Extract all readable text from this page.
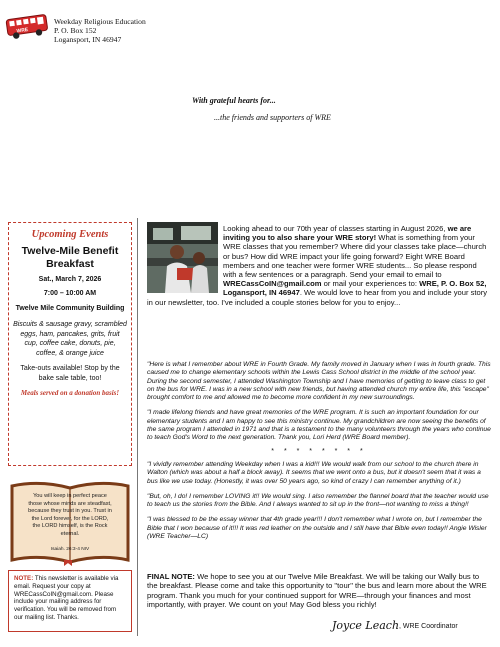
WRE
Weekday Religious Education
P. O. Box 152
Logansport, IN 46947
With grateful hearts for...
...the friends and supporters of WRE
Upcoming Events
Twelve-Mile Benefit Breakfast
Sat., March 7, 2026
7:00 – 10:00 AM
Twelve Mile Community Building
Biscuits & sausage gravy, scrambled eggs, ham, pancakes, grits, fruit cup, coffee cake, donuts, pie, coffee, & orange juice
Take-outs available! Stop by the bake sale table, too!
Meals served on a donation basis!
You will keep in perfect peace those whose minds are steadfast, because they trust in you. Trust in the Lord forever, for the LORD, the LORD himself, is the Rock eternal.
Isaiah. 26:3-4 NIV
NOTE: This newsletter is available via email. Request your copy at WRECassCoIN@gmail.com. Please include your mailing address for verification. You will be removed from our mailing list. Thanks.
Looking ahead to our 70th year of classes starting in August 2026, we are inviting you to also share your WRE story! What is something from your WRE classes that you remember? Where did your classes take place—church or bus? How did WRE impact your life going forward? Eight WRE Board members and one teacher were former WRE students... So please respond with a few sentences or a paragraph. Send your email to email to WRECassCoIN@gmail.com or mail your experiences to: WRE, P. O. Box 52, Logansport, IN 46947. We would love to hear from you and include your story in our newsletter, too. I've included a couple stories below for you to enjoy...

"Here is what I remember about WRE in Fourth Grade. My family moved in January when I was in fourth grade. This caused me to change elementary schools within the Lewis Cass School district in the middle of the school year. During the second semester, I attended Washington Township and I have memories of getting to leave class to get on the bus for WRE. I was in a new school with new friends, but having attended church my entire life, this "escape" brought comfort to me and allowed me to become more confident in my new surroundings.

"I made lifelong friends and have great memories of the WRE program. It is such an important foundation for our elementary students and I am happy to see this ministry continue. My grandchildren are now seeing the benefits of the same program I attended in 1971 and that is a testament to the many volunteers through the years who continue to teach God's Word to the next generation. Thank you, Lori Herd (WRE Board member).

* * * * * * * *

"I vividly remember attending Weekday when I was a kid!!! We would walk from our school to the church there in Walton (which was about a half a block away). It seems that we went onto a bus, but it doesn't seem that it was a bus like we use today. (Honestly, it was over 50 years ago, so kind of crazy I can remember anything of it.)

"But, oh, I do! I remember LOVING it!! We would sing. I also remember the flannel board that the teacher would use to teach us the stories from the Bible. And I always wanted to sit up in the front—not wanting to miss a thing!!

"I was blessed to be the essay winner that 4th grade year!!! I don't remember what I wrote on, but I remember the Bible that I won because of it!!! It was red leather on the outside and I still have that Bible even today!! Angie Wisler (WRE Teacher—LC)

FINAL NOTE: We hope to see you at our Twelve Mile Breakfast. We will be taking our Wally bus to the breakfast. Please come and take this opportunity to "tour" the bus and learn more about the WRE program. Thank you much for your continued support for WRE—through your finances and most importantly, with prayer. We count on you! May God bless you richly!
Joyce Leach , WRE Coordinator
